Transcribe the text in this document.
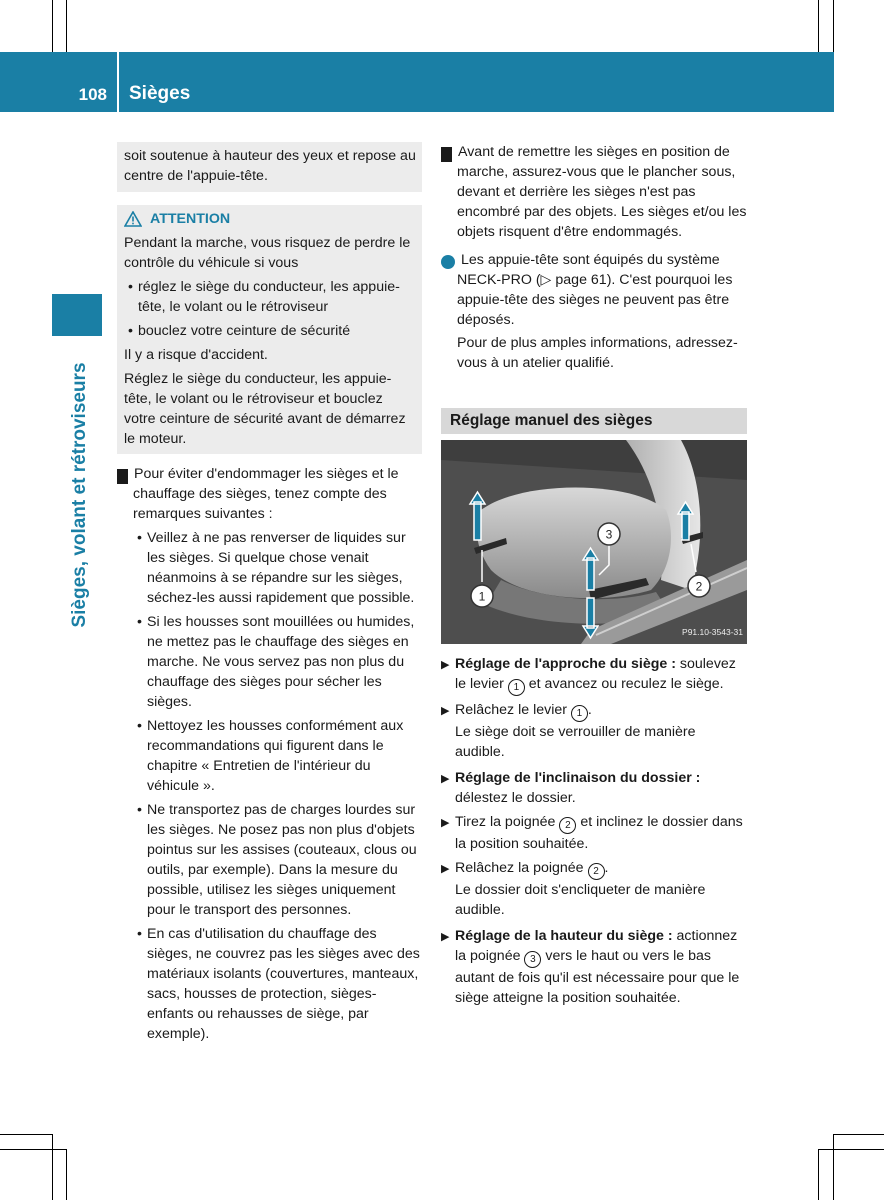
108 Sièges
Sièges, volant et rétroviseurs

soit soutenue à hauteur des yeux et repose au centre de l'appuie-tête.

ATTENTION

Pendant la marche, vous risquez de perdre le contrôle du véhicule si vous

• réglez le siège du conducteur, les appuie-tête, le volant ou le rétroviseur
• bouclez votre ceinture de sécurité

Il y a risque d'accident.

Réglez le siège du conducteur, les appuie-tête, le volant ou le rétroviseur et bouclez votre ceinture de sécurité avant de démarrez le moteur.

! Pour éviter d'endommager les sièges et le chauffage des sièges, tenez compte des remarques suivantes :

• Veillez à ne pas renverser de liquides sur les sièges. Si quelque chose venait néanmoins à se répandre sur les sièges, séchez-les aussi rapidement que possible.
• Si les housses sont mouillées ou humides, ne mettez pas le chauffage des sièges en marche. Ne vous servez pas non plus du chauffage des sièges pour sécher les sièges.
• Nettoyez les housses conformément aux recommandations qui figurent dans le chapitre « Entretien de l'intérieur du véhicule ».
• Ne transportez pas de charges lourdes sur les sièges. Ne posez pas non plus d'objets pointus sur les assises (couteaux, clous ou outils, par exemple). Dans la mesure du possible, utilisez les sièges uniquement pour le transport des personnes.
• En cas d'utilisation du chauffage des sièges, ne couvrez pas les sièges avec des matériaux isolants (couvertures, manteaux, sacs, housses de protection, sièges-enfants ou rehausses de siège, par exemple).

! Avant de remettre les sièges en position de marche, assurez-vous que le plancher sous, devant et derrière les sièges n'est pas encombré par des objets. Les sièges et/ou les objets risquent d'être endommagés.

i Les appuie-tête sont équipés du système NECK-PRO (▷ page 61). C'est pourquoi les appuie-tête des sièges ne peuvent pas être déposés.

Pour de plus amples informations, adressez-vous à un atelier qualifié.

Réglage manuel des sièges
1
3
2
P91.10-3543-31
▶ Réglage de l'approche du siège : soulevez le levier 1 et avancez ou reculez le siège.
▶ Relâchez le levier 1 .
Le siège doit se verrouiller de manière audible.
▶ Réglage de l'inclinaison du dossier :
délestez le dossier.
▶ Tirez la poignée 2 et inclinez le dossier dans la position souhaitée.
▶ Relâchez la poignée 2 .
Le dossier doit s'encliqueter de manière audible.
▶ Réglage de la hauteur du siège : actionnez la poignée 3 vers le haut ou vers le bas autant de fois qu'il est nécessaire pour que le siège atteigne la position souhaitée.
